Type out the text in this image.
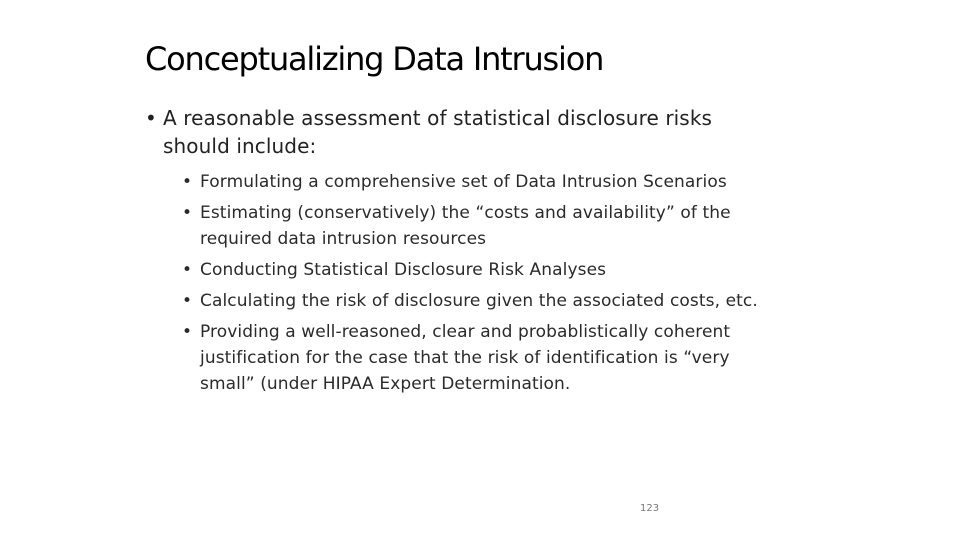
Conceptualizing Data Intrusion
• A reasonable assessment of statistical disclosure risks should include:
• Formulating a comprehensive set of Data Intrusion Scenarios
• Estimating (conservatively) the “costs and availability” of the required data intrusion resources
• Conducting Statistical Disclosure Risk Analyses
• Calculating the risk of disclosure given the associated costs, etc.
• Providing a well-reasoned, clear and probablistically coherent justification for the case that the risk of identification is “very small” (under HIPAA Expert Determination.
123
